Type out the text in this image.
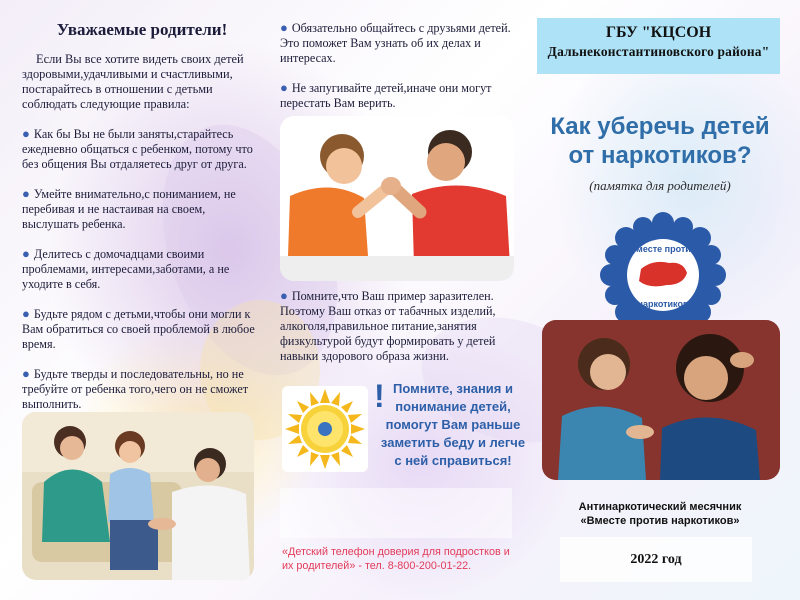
Уважаемые родители!
Если Вы все хотите видеть своих детей здоровыми,удачливыми и счастливыми, постарайтесь в отношении с детьми соблюдать следующие правила:
● Как бы Вы не были заняты,старайтесь ежедневно общаться с ребенком, потому что без общения Вы отдаляетесь друг от друга.
● Умейте внимательно,с пониманием, не перебивая и не настаивая на своем, выслушать ребенка.
● Делитесь с домочадцами своими проблемами, интересами,заботами, а не уходите в себя.
● Будьте рядом с детьми,чтобы они могли к Вам обратиться со своей проблемой в любое время.
● Будьте тверды и последовательны, но не требуйте от ребенка того,чего он не сможет выполнить.
● Обязательно общайтесь с друзьями детей. Это поможет Вам узнать об их делах и интересах.
● Не запугивайте детей,иначе они могут перестать Вам верить.
● Помните,что Ваш пример заразителен. Поэтому Ваш отказ от табачных изделий, алкоголя,правильное питание,занятия физкультурой будут формировать у детей навыки здорового образа жизни.
! Помните, знания и понимание детей, помогут Вам раньше заметить беду и легче с ней справиться!
«Детский телефон доверия для подростков и их родителей» - тел. 8-800-200-01-22.
ГБУ "КЦСОН
Дальнеконстантиновского района"
Как уберечь детей от наркотиков?
(памятка для родителей)
Вместе против
наркотиков
Антинаркотический месячник
«Вместе против наркотиков»
2022 год
